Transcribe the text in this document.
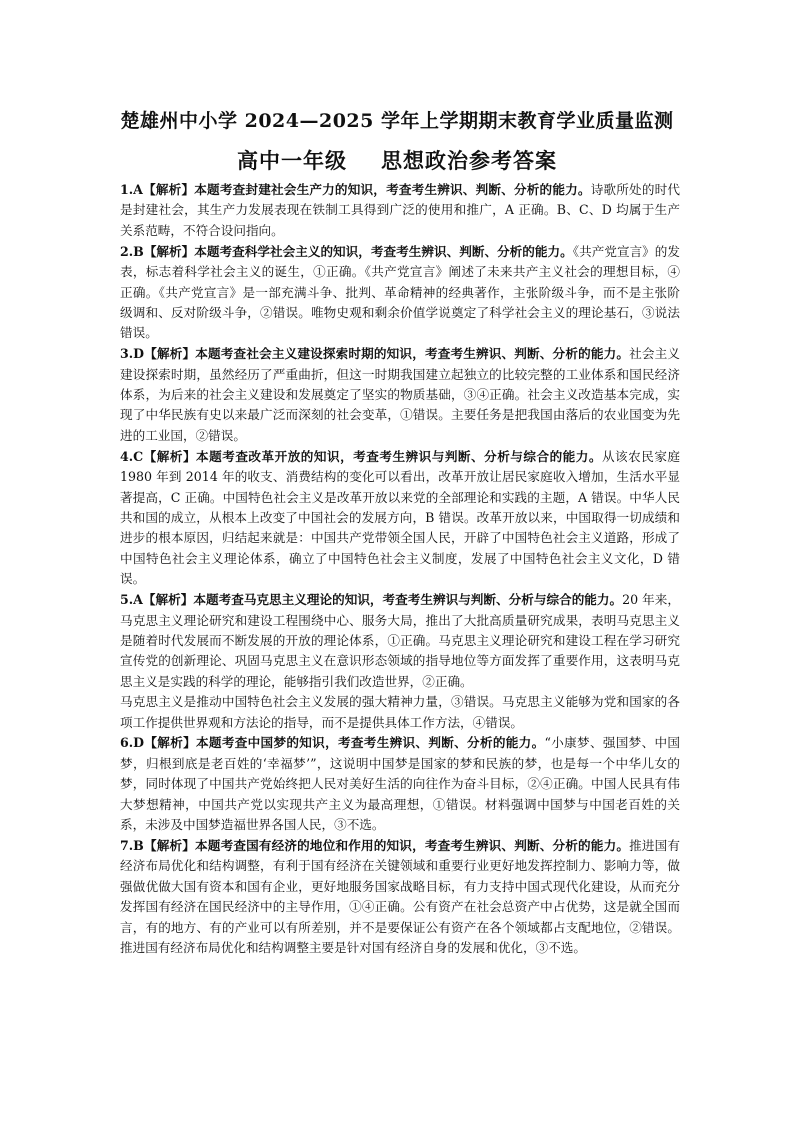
楚雄州中小学 2024—2025 学年上学期期末教育学业质量监测
高中一年级 思想政治参考答案

1.A【解析】本题考查封建社会生产力的知识，考查考生辨识、判断、分析的能力。诗歌所处的时代是封建社会，其生产力发展表现在铁制工具得到广泛的使用和推广，A 正确。B、C、D 均属于生产关系范畴，不符合设问指向。

2.B【解析】本题考查科学社会主义的知识，考查考生辨识、判断、分析的能力。《共产党宣言》的发表，标志着科学社会主义的诞生，①正确。《共产党宣言》阐述了未来共产主义社会的理想目标，④正确。《共产党宣言》是一部充满斗争、批判、革命精神的经典著作，主张阶级斗争，而不是主张阶级调和、反对阶级斗争，②错误。唯物史观和剩余价值学说奠定了科学社会主义的理论基石，③说法错误。

3.D【解析】本题考查社会主义建设探索时期的知识，考查考生辨识、判断、分析的能力。社会主义建设探索时期，虽然经历了严重曲折，但这一时期我国建立起独立的比较完整的工业体系和国民经济体系，为后来的社会主义建设和发展奠定了坚实的物质基础，③④正确。社会主义改造基本完成，实现了中华民族有史以来最广泛而深刻的社会变革，①错误。主要任务是把我国由落后的农业国变为先进的工业国，②错误。

4.C【解析】本题考查改革开放的知识，考查考生辨识与判断、分析与综合的能力。从该农民家庭 1980 年到 2014 年的收支、消费结构的变化可以看出，改革开放让居民家庭收入增加，生活水平显著提高，C 正确。中国特色社会主义是改革开放以来党的全部理论和实践的主题，A 错误。中华人民共和国的成立，从根本上改变了中国社会的发展方向，B 错误。改革开放以来，中国取得一切成绩和进步的根本原因，归结起来就是：中国共产党带领全国人民，开辟了中国特色社会主义道路，形成了中国特色社会主义理论体系，确立了中国特色社会主义制度，发展了中国特色社会主义文化，D 错误。

5.A【解析】本题考查马克思主义理论的知识，考查考生辨识与判断、分析与综合的能力。20 年来，马克思主义理论研究和建设工程围绕中心、服务大局，推出了大批高质量研究成果，表明马克思主义是随着时代发展而不断发展的开放的理论体系，①正确。马克思主义理论研究和建设工程在学习研究宣传党的创新理论、巩固马克思主义在意识形态领域的指导地位等方面发挥了重要作用，这表明马克思主义是实践的科学的理论，能够指引我们改造世界，②正确。

马克思主义是推动中国特色社会主义发展的强大精神力量，③错误。马克思主义能够为党和国家的各项工作提供世界观和方法论的指导，而不是提供具体工作方法，④错误。

6.D【解析】本题考查中国梦的知识，考查考生辨识、判断、分析的能力。“小康梦、强国梦、中国梦，归根到底是老百姓的‘幸福梦’”，这说明中国梦是国家的梦和民族的梦，也是每一个中华儿女的梦，同时体现了中国共产党始终把人民对美好生活的向往作为奋斗目标，②④正确。中国人民具有伟大梦想精神，中国共产党以实现共产主义为最高理想，①错误。材料强调中国梦与中国老百姓的关系，未涉及中国梦造福世界各国人民，③不选。

7.B【解析】本题考查国有经济的地位和作用的知识，考查考生辨识、判断、分析的能力。推进国有经济布局优化和结构调整，有利于国有经济在关键领域和重要行业更好地发挥控制力、影响力等，做强做优做大国有资本和国有企业，更好地服务国家战略目标，有力支持中国式现代化建设，从而充分发挥国有经济在国民经济中的主导作用，①④正确。公有资产在社会总资产中占优势，这是就全国而言，有的地方、有的产业可以有所差别，并不是要保证公有资产在各个领域都占支配地位，②错误。推进国有经济布局优化和结构调整主要是针对国有经济自身的发展和优化，③不选。
